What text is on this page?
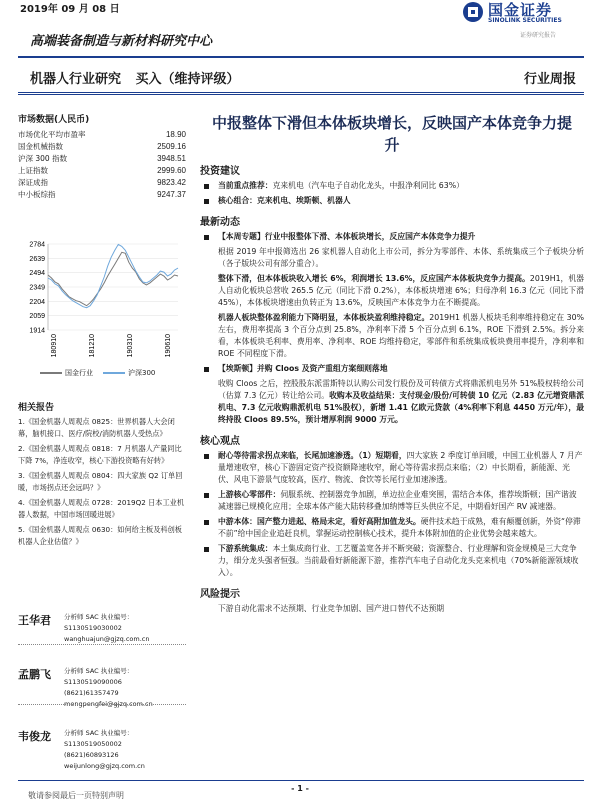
2019年 09 月 08 日	国金证券
SINOLINK SECURITIES
证券研究报告
高端装备制造与新材料研究中心
机器人行业研究 买入（维持评级）	行业周报
市场数据(人民币)
市场优化平均市盈率	18.90
国金机械指数	2509.16
沪深 300 指数	3948.51
上证指数	2999.60
深证成指	9823.42
中小板综指	9247.37
2784
2639
2494
2349
2204
2059
1914
180910	181210	190310	190610
国金行业	沪深300
相关报告
1.《国金机器人周观点 0825：世界机器人大会闭幕，脑机接口、医疗/院校/消防机器人受热点》
2.《国金机器人周观点 0818：7 月机器人产量同比下降 7%，净连收窄，核心下游投资略有好转》
3.《国金机器人周观点 0804：四大家族 Q2 订单回暖，市场拐点还会远吗？》
4.《国金机器人周观点 0728：2019Q2 日本工业机器人数据，中国市场回暖进展》
5.《国金机器人周观点 0630：如何给主板及科创板机器人企业估值？》
王华君 分析师 SAC 执业编号：S1130519030002
wanghuajun@gjzq.com.cn
孟鹏飞 分析师 SAC 执业编号：S1130519090006
(8621)61357479
mengpengfei@gjzq.com.cn
韦俊龙 分析师 SAC 执业编号：S1130519050002
(8621)60893126
weijunlong@gjzq.com.cn
中报整体下滑但本体板块增长，反映国产本体竞争力提升
投资建议
当前重点推荐：克来机电（汽车电子自动化龙头，中报净利同比 63%）
核心组合：克来机电、埃斯顿、机器人
最新动态
【本周专题】行业中报整体下滑、本体板块增长，反应国产本体竞争力提升
根据 2019 年中报筛选出 26 家机器人自动化上市公司，拆分为零部件、本体、系统集成三个子板块分析（各子版块公司有部分重合）。
整体下滑，但本体板块收入增长 6%，利润增长 13.6%，反应国产本体板块竞争力提高。2019H1，机器人自动化板块总营收 265.5 亿元（同比下滑 0.2%），本体板块增速 6%；归母净利 16.3 亿元（同比下滑 45%），本体板块增速由负转正为 13.6%，反映国产本体竞争力在不断提高。
机器人板块整体盈利能力下降明显，本体板块盈利维持稳定。2019H1 机器人板块毛利率维持稳定在 30%左右，费用率提高 3 个百分点到 25.8%，净利率下滑 5 个百分点到 6.1%，ROE 下滑到 2.5%。拆分来看，本体板块毛利率、费用率、净利率、ROE 均维持稳定，零部件和系统集成板块费用率提升，净利率和 ROE 不同程度下滑。
【埃斯顿】并购 Cloos 及资产重组方案细则落地
收购 Cloos 之后，控股股东派雷斯特以认购公司发行股份及可转债方式将鼎派机电另外 51%股权转给公司（估算 7.3 亿元）转让给公司。收购本及收益结果：支付现金/股份/可转债 10 亿元（2.83 亿元增资鼎派机电、7.3 亿元收购鼎派机电 51%股权），新增 1.41 亿欧元贷款（4%利率下利息 4450 万元/年），最终持股 Cloos 89.5%，预计增厚利润 9000 万元。
核心观点
耐心等待需求拐点来临，长尾加速渗透。（1）短期看，四大家族 2 季度订单回暖，中国工业机器人 7 月产量增速收窄，核心下游固定资产投资额降速收窄，耐心等待需求拐点来临；（2）中长期看，新能源、光伏、风电下游景气度较高，医疗、物流、食饮等长尾行业加速渗透。
上游核心零部件：伺服系统、控制器竞争加剧，单边拉企业难突围，需结合本体，推荐埃斯顿；国产谐波减速器已规模化应用；全球本体产能大陆转移叠加纳博等巨头供应不足，中期看好国产 RV 减速器。
中游本体：国产整力进起、格局未定，看好高附加值龙头。硬件技术趋于成熟，难有颠覆创新，外资“停滞不前”给中国企业追赶良机，掌握运动控制核心技术，提升本体附加值的企业优势会越来越大。
下游系统集成：本土集成商行业、工艺覆盖宽各并不断突破；资源整合、行业理解和资金规模是三大竞争力，细分龙头强者恒强。当前最看好新能源下游，推荐汽车电子自动化龙头克来机电（70%新能源领域收入）。
风险提示
下游自动化需求不达预期、行业竞争加剧、国产进口替代不达预期
- 1 -
敬请参阅最后一页特别声明
